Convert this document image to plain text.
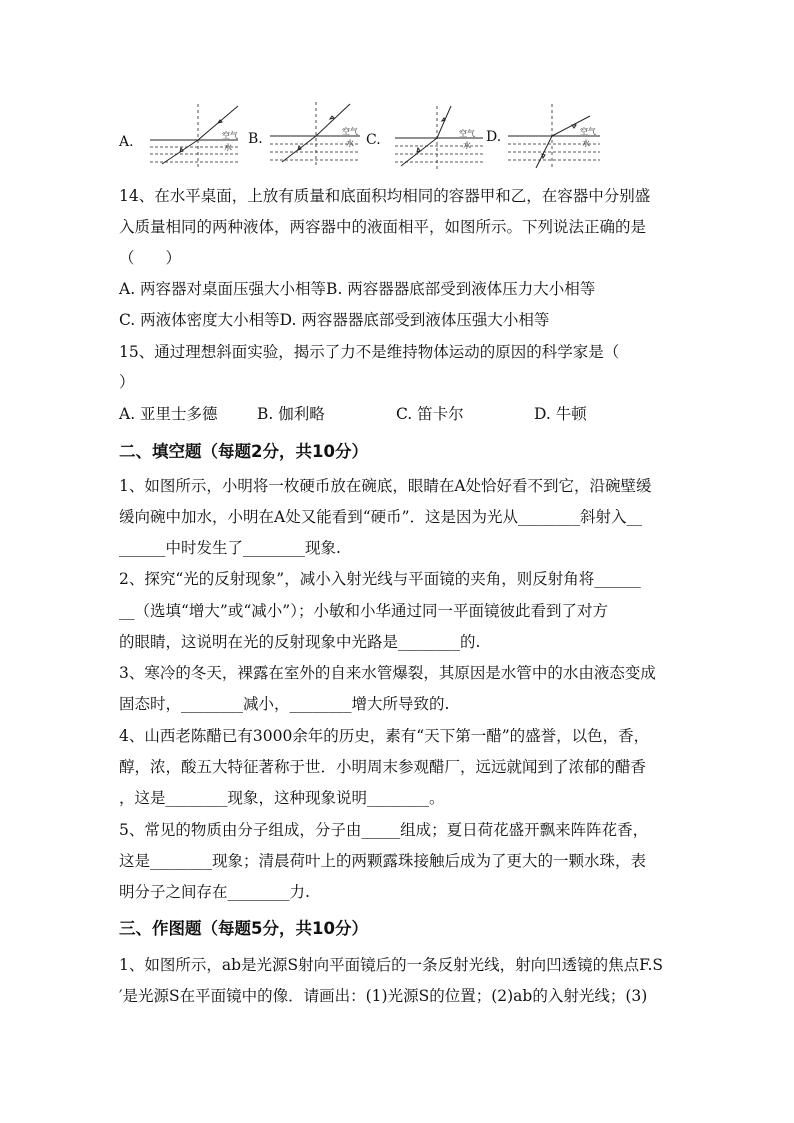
A.	空气
水
B.	空气
水 C.	空气
水
D.	空气
水
14、在水平桌面，上放有质量和底面积均相同的容器甲和乙，在容器中分别盛
入质量相同的两种液体，两容器中的液面相平，如图所示。下列说法正确的是
（　　）
A. 两容器对桌面压强大小相等B. 两容器器底部受到液体压力大小相等
C. 两液体密度大小相等D. 两容器器底部受到液体压强大小相等
15、通过理想斜面实验，揭示了力不是维持物体运动的原因的科学家是（
）
A. 亚里士多德	B. 伽利略	C. 笛卡尔	D. 牛顿
二、填空题（每题2分，共10分）
1、如图所示，小明将一枚硬币放在碗底，眼睛在A处恰好看不到它，沿碗壁缓
缓向碗中加水，小明在A处又能看到“硬币”．这是因为光从________斜射入__
______中时发生了________现象.
2、探究“光的反射现象”，减小入射光线与平面镜的夹角，则反射角将______
__（选填“增大”或“减小”）；小敏和小华通过同一平面镜彼此看到了对方
的眼睛，这说明在光的反射现象中光路是________的.
3、寒冷的冬天，裸露在室外的自来水管爆裂，其原因是水管中的水由液态变成
固态时，________减小，________增大所导致的.
4、山西老陈醋已有3000余年的历史，素有“天下第一醋”的盛誉，以色，香，
醇，浓，酸五大特征著称于世．小明周末参观醋厂，远远就闻到了浓郁的醋香
，这是________现象，这种现象说明________。
5、常见的物质由分子组成，分子由_____组成；夏日荷花盛开飘来阵阵花香，
这是________现象；清晨荷叶上的两颗露珠接触后成为了更大的一颗水珠，表
明分子之间存在________力.
三、作图题（每题5分，共10分）
1、如图所示，ab是光源S射向平面镜后的一条反射光线，射向凹透镜的焦点F.S
′是光源S在平面镜中的像．请画出：(1)光源S的位置；(2)ab的入射光线；(3)
